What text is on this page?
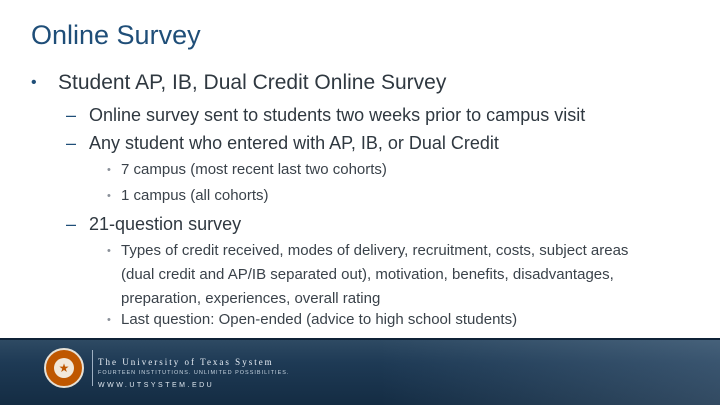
Online Survey
• Student AP, IB, Dual Credit Online Survey
– Online survey sent to students two weeks prior to campus visit
– Any student who entered with AP, IB, or Dual Credit
• 7 campus (most recent last two cohorts)
• 1 campus (all cohorts)
– 21-question survey
• Types of credit received, modes of delivery, recruitment, costs, subject areas (dual credit and AP/IB separated out), motivation, benefits, disadvantages, preparation, experiences, overall rating
• Last question: Open-ended (advice to high school students)
★	The University of Texas System
FOURTEEN INSTITUTIONS. UNLIMITED POSSIBILITIES.
WWW.UTSYSTEM.EDU
